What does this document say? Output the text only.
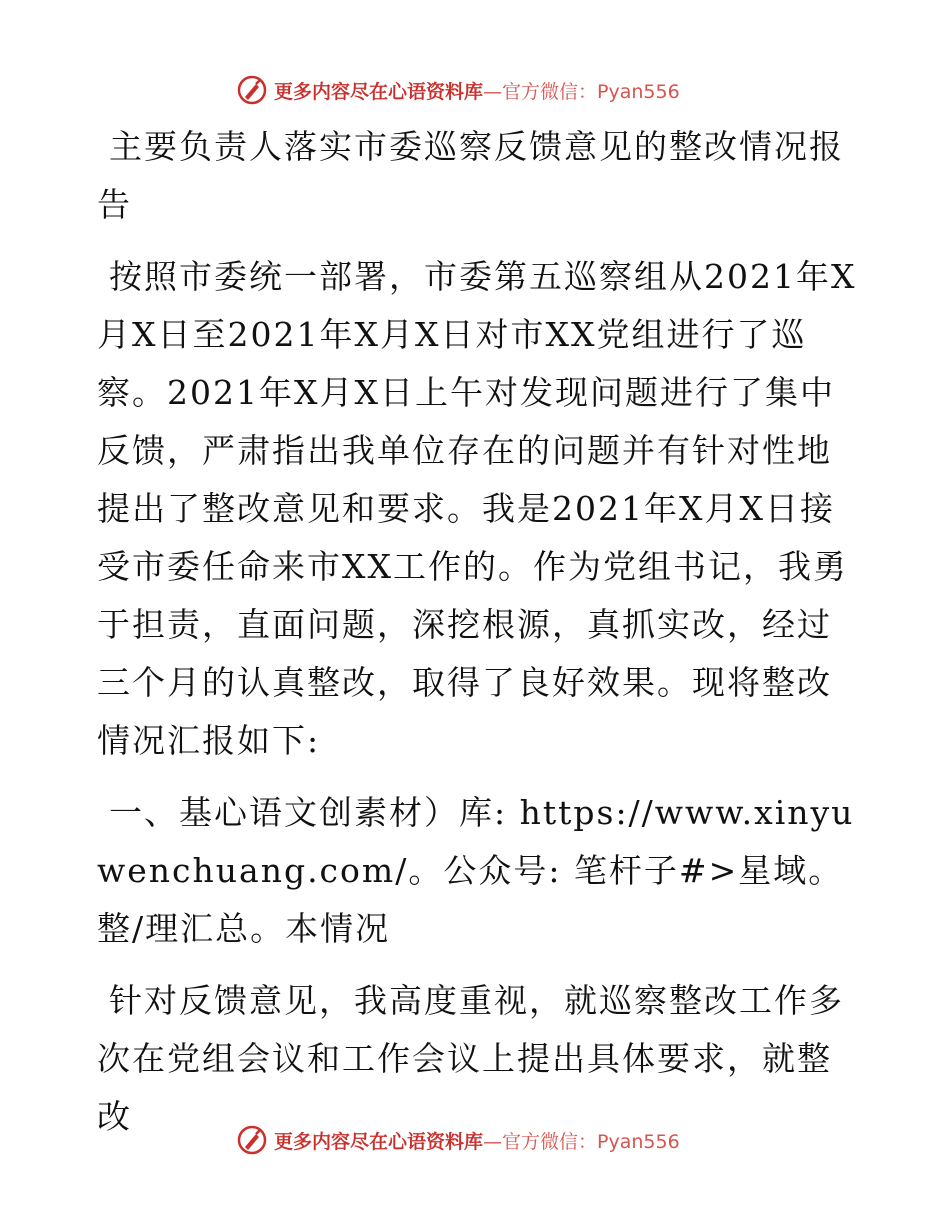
更多内容尽在心语资料库—官方微信：Pyan556

主要负责人落实市委巡察反馈意见的整改情况报告

按照市委统一部署，市委第五巡察组从2021年X月X日至2021年X月X日对市XX党组进行了巡察。2021年X月X日上午对发现问题进行了集中反馈，严肃指出我单位存在的问题并有针对性地提出了整改意见和要求。我是2021年X月X日接受市委任命来市XX工作的。作为党组书记，我勇于担责，直面问题，深挖根源，真抓实改，经过三个月的认真整改，取得了良好效果。现将整改情况汇报如下:

一、基心语文创素材）库: https://www.xinyuwenchuang.com/。公众号: 笔杆子#>星域。整/理汇总。本情况

针对反馈意见，我高度重视，就巡察整改工作多次在党组会议和工作会议上提出具体要求，就整改

更多内容尽在心语资料库—官方微信：Pyan556
